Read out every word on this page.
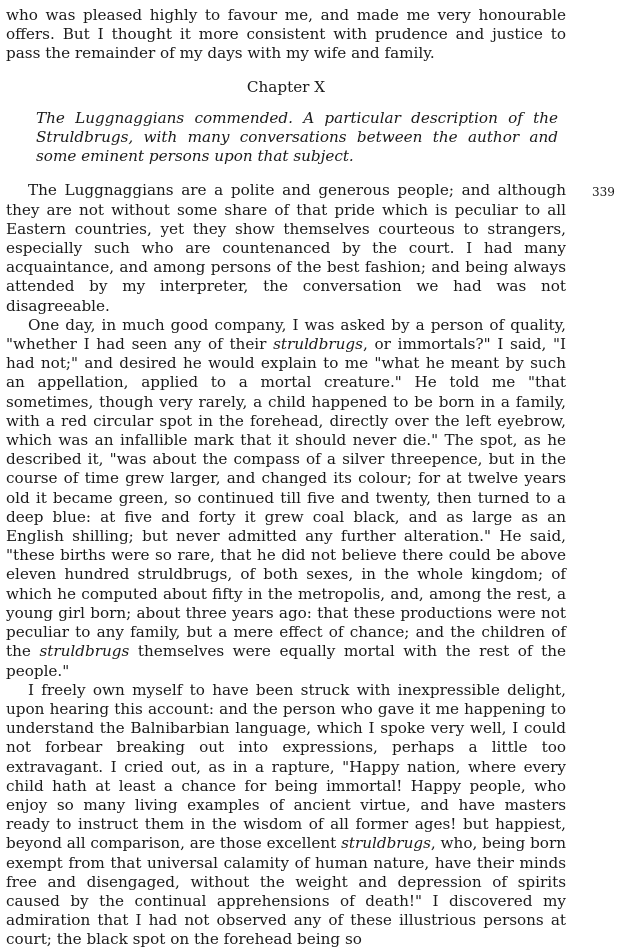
who was pleased highly to favour me, and made me very honourable offers. But I thought it more consistent with prudence and justice to pass the remainder of my days with my wife and family.

Chapter X

The Luggnaggians commended. A particular description of the Struldbrugs, with many conversations between the author and some eminent persons upon that subject.

The Luggnaggians are a polite and generous people; and although they are not without some share of that pride which is peculiar to all Eastern countries, yet they show themselves courteous to strangers, especially such who are countenanced by the court. I had many acquaintance, and among persons of the best fashion; and being always attended by my interpreter, the conversation we had was not disagreeable.

One day, in much good company, I was asked by a person of quality, "whether I had seen any of their struldbrugs, or immortals?" I said, "I had not;" and desired he would explain to me "what he meant by such an appellation, applied to a mortal creature." He told me "that sometimes, though very rarely, a child happened to be born in a family, with a red circular spot in the forehead, directly over the left eyebrow, which was an infallible mark that it should never die." The spot, as he described it, "was about the compass of a silver threepence, but in the course of time grew larger, and changed its colour; for at twelve years old it became green, so continued till five and twenty, then turned to a deep blue: at five and forty it grew coal black, and as large as an English shilling; but never admitted any further alteration." He said, "these births were so rare, that he did not believe there could be above eleven hundred struldbrugs, of both sexes, in the whole kingdom; of which he computed about fifty in the metropolis, and, among the rest, a young girl born; about three years ago: that these productions were not peculiar to any family, but a mere effect of chance; and the children of the struldbrugs themselves were equally mortal with the rest of the people."

I freely own myself to have been struck with inexpressible delight, upon hearing this account: and the person who gave it me happening to understand the Balnibarbian language, which I spoke very well, I could not forbear breaking out into expressions, perhaps a little too extravagant. I cried out, as in a rapture, "Happy nation, where every child hath at least a chance for being immortal! Happy people, who enjoy so many living examples of ancient virtue, and have masters ready to instruct them in the wisdom of all former ages! but happiest, beyond all comparison, are those excellent struldbrugs, who, being born exempt from that universal calamity of human nature, have their minds free and disengaged, without the weight and depression of spirits caused by the continual apprehensions of death!" I discovered my admiration that I had not observed any of these illustrious persons at court; the black spot on the forehead being so

339
